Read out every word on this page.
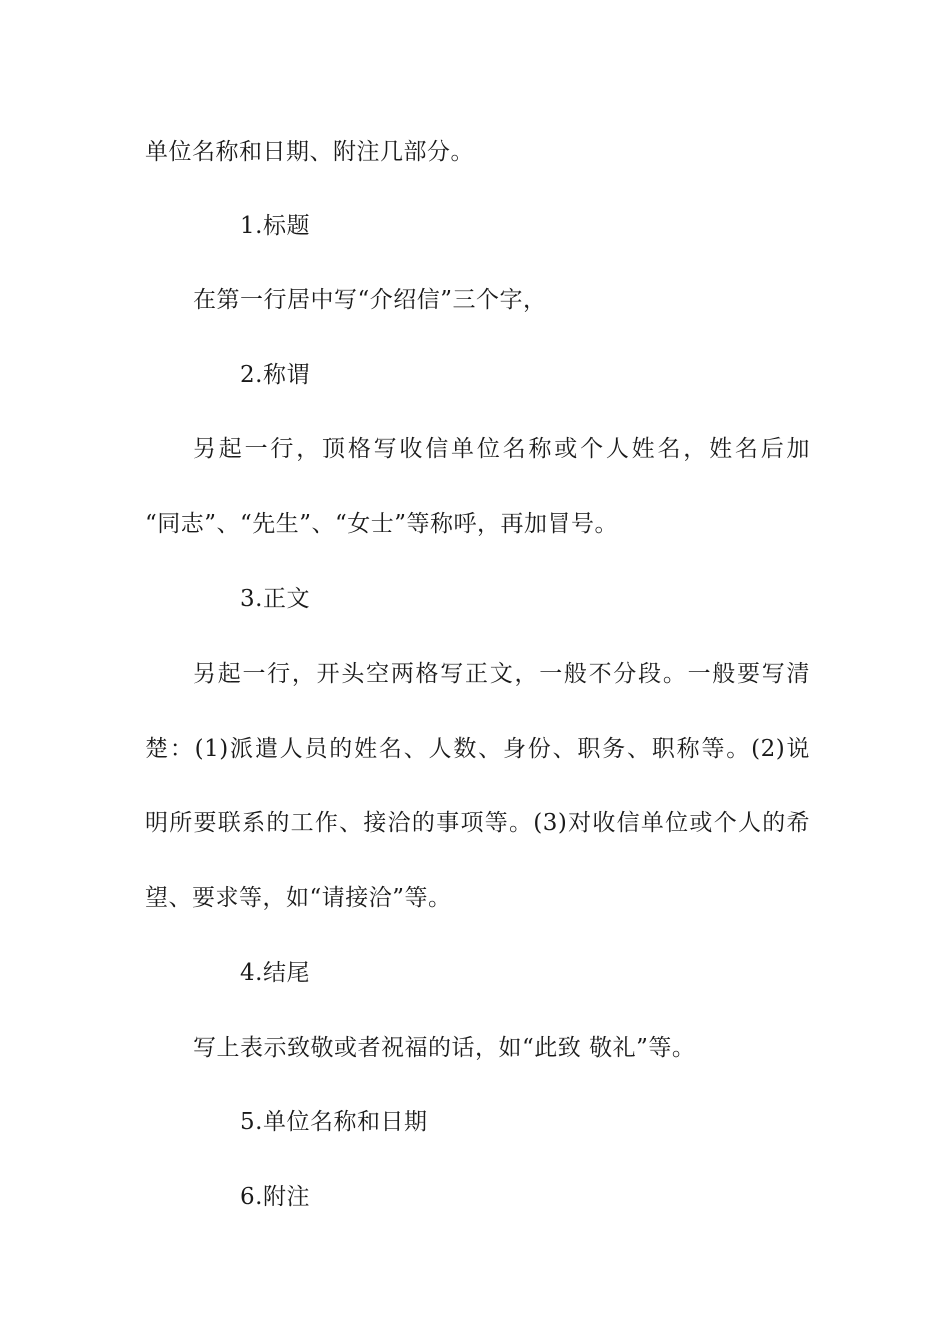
单位名称和日期、附注几部分。
1.标题
在第一行居中写“介绍信”三个字，
2.称谓
另起一行，顶格写收信单位名称或个人姓名，姓名后加
“同志”、“先生”、“女士”等称呼，再加冒号。
3.正文
另起一行，开头空两格写正文，一般不分段。一般要写清
楚：(1)派遣人员的姓名、人数、身份、职务、职称等。(2)说
明所要联系的工作、接洽的事项等。(3)对收信单位或个人的希
望、要求等，如“请接洽”等。
4.结尾
写上表示致敬或者祝福的话，如“此致 敬礼”等。
5.单位名称和日期
6.附注
